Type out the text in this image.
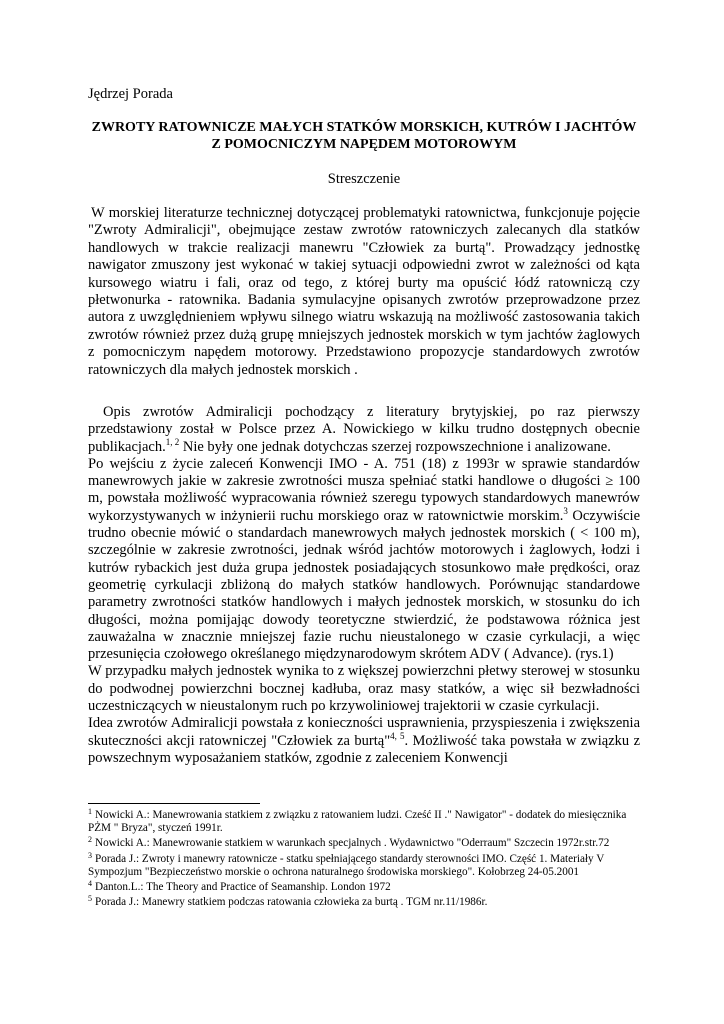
Jędrzej Porada
ZWROTY RATOWNICZE MAŁYCH STATKÓW MORSKICH, KUTRÓW I JACHTÓW Z POMOCNICZYM NAPĘDEM MOTOROWYM
Streszczenie

W morskiej literaturze technicznej dotyczącej problematyki ratownictwa, funkcjonuje pojęcie "Zwroty Admiralicji", obejmujące zestaw zwrotów ratowniczych zalecanych dla statków handlowych w trakcie realizacji manewru "Człowiek za burtą". Prowadzący jednostkę nawigator zmuszony jest wykonać w takiej sytuacji odpowiedni zwrot w zależności od kąta kursowego wiatru i fali, oraz od tego, z której burty ma opuścić łódź ratowniczą czy płetwonurka - ratownika. Badania symulacyjne opisanych zwrotów przeprowadzone przez autora z uwzględnieniem wpływu silnego wiatru wskazują na możliwość zastosowania takich zwrotów również przez dużą grupę mniejszych jednostek morskich w tym jachtów żaglowych z pomocniczym napędem motorowy. Przedstawiono propozycje standardowych zwrotów ratowniczych dla małych jednostek morskich .

Opis zwrotów Admiralicji pochodzący z literatury brytyjskiej, po raz pierwszy przedstawiony został w Polsce przez A. Nowickiego w kilku trudno dostępnych obecnie publikacjach.$^{1, 2}$ Nie były one jednak dotychczas szerzej rozpowszechnione i analizowane.

Po wejściu z życie zaleceń Konwencji IMO - A. 751 (18) z 1993r w sprawie standardów manewrowych jakie w zakresie zwrotności musza spełniać statki handlowe o długości ≥ 100 m, powstała możliwość wypracowania również szeregu typowych standardowych manewrów wykorzystywanych w inżynierii ruchu morskiego oraz w ratownictwie morskim.$^3$ Oczywiście trudno obecnie mówić o standardach manewrowych małych jednostek morskich ( < 100 m), szczególnie w zakresie zwrotności, jednak wśród jachtów motorowych i żaglowych, łodzi i kutrów rybackich jest duża grupa jednostek posiadających stosunkowo małe prędkości, oraz geometrię cyrkulacji zbliżoną do małych statków handlowych. Porównując standardowe parametry zwrotności statków handlowych i małych jednostek morskich, w stosunku do ich długości, można pomijając dowody teoretyczne stwierdzić, że podstawowa różnica jest zauważalna w znacznie mniejszej fazie ruchu nieustalonego w czasie cyrkulacji, a więc przesunięcia czołowego określanego międzynarodowym skrótem ADV ( Advance). (rys.1)

W przypadku małych jednostek wynika to z większej powierzchni płetwy sterowej w stosunku do podwodnej powierzchni bocznej kadłuba, oraz masy statków, a więc sił bezwładności uczestniczących w nieustalonym ruch po krzywoliniowej trajektorii w czasie cyrkulacji.

Idea zwrotów Admiralicji powstała z konieczności usprawnienia, przyspieszenia i zwiększenia skuteczności akcji ratowniczej "Człowiek za burtą"$^{4, 5}$. Możliwość taka powstała w związku z powszechnym wyposażaniem statków, zgodnie z zaleceniem Konwencji

$^1$ Nowicki A.: Manewrowania statkiem z związku z ratowaniem ludzi. Cześć II ." Nawigator" - dodatek do miesięcznika PŻM " Bryza", styczeń 1991r.

$^2$ Nowicki A.: Manewrowanie statkiem w warunkach specjalnych . Wydawnictwo "Oderraum" Szczecin 1972r.str.72

$^3$ Porada J.: Zwroty i manewry ratownicze - statku spełniającego standardy sterowności IMO. Część 1. Materiały V Sympozjum "Bezpieczeństwo morskie o ochrona naturalnego środowiska morskiego". Kołobrzeg 24-05.2001

$^4$ Danton.L.: The Theory and Practice of Seamanship. London 1972

$^5$ Porada J.: Manewry statkiem podczas ratowania człowieka za burtą . TGM nr.11/1986r.
